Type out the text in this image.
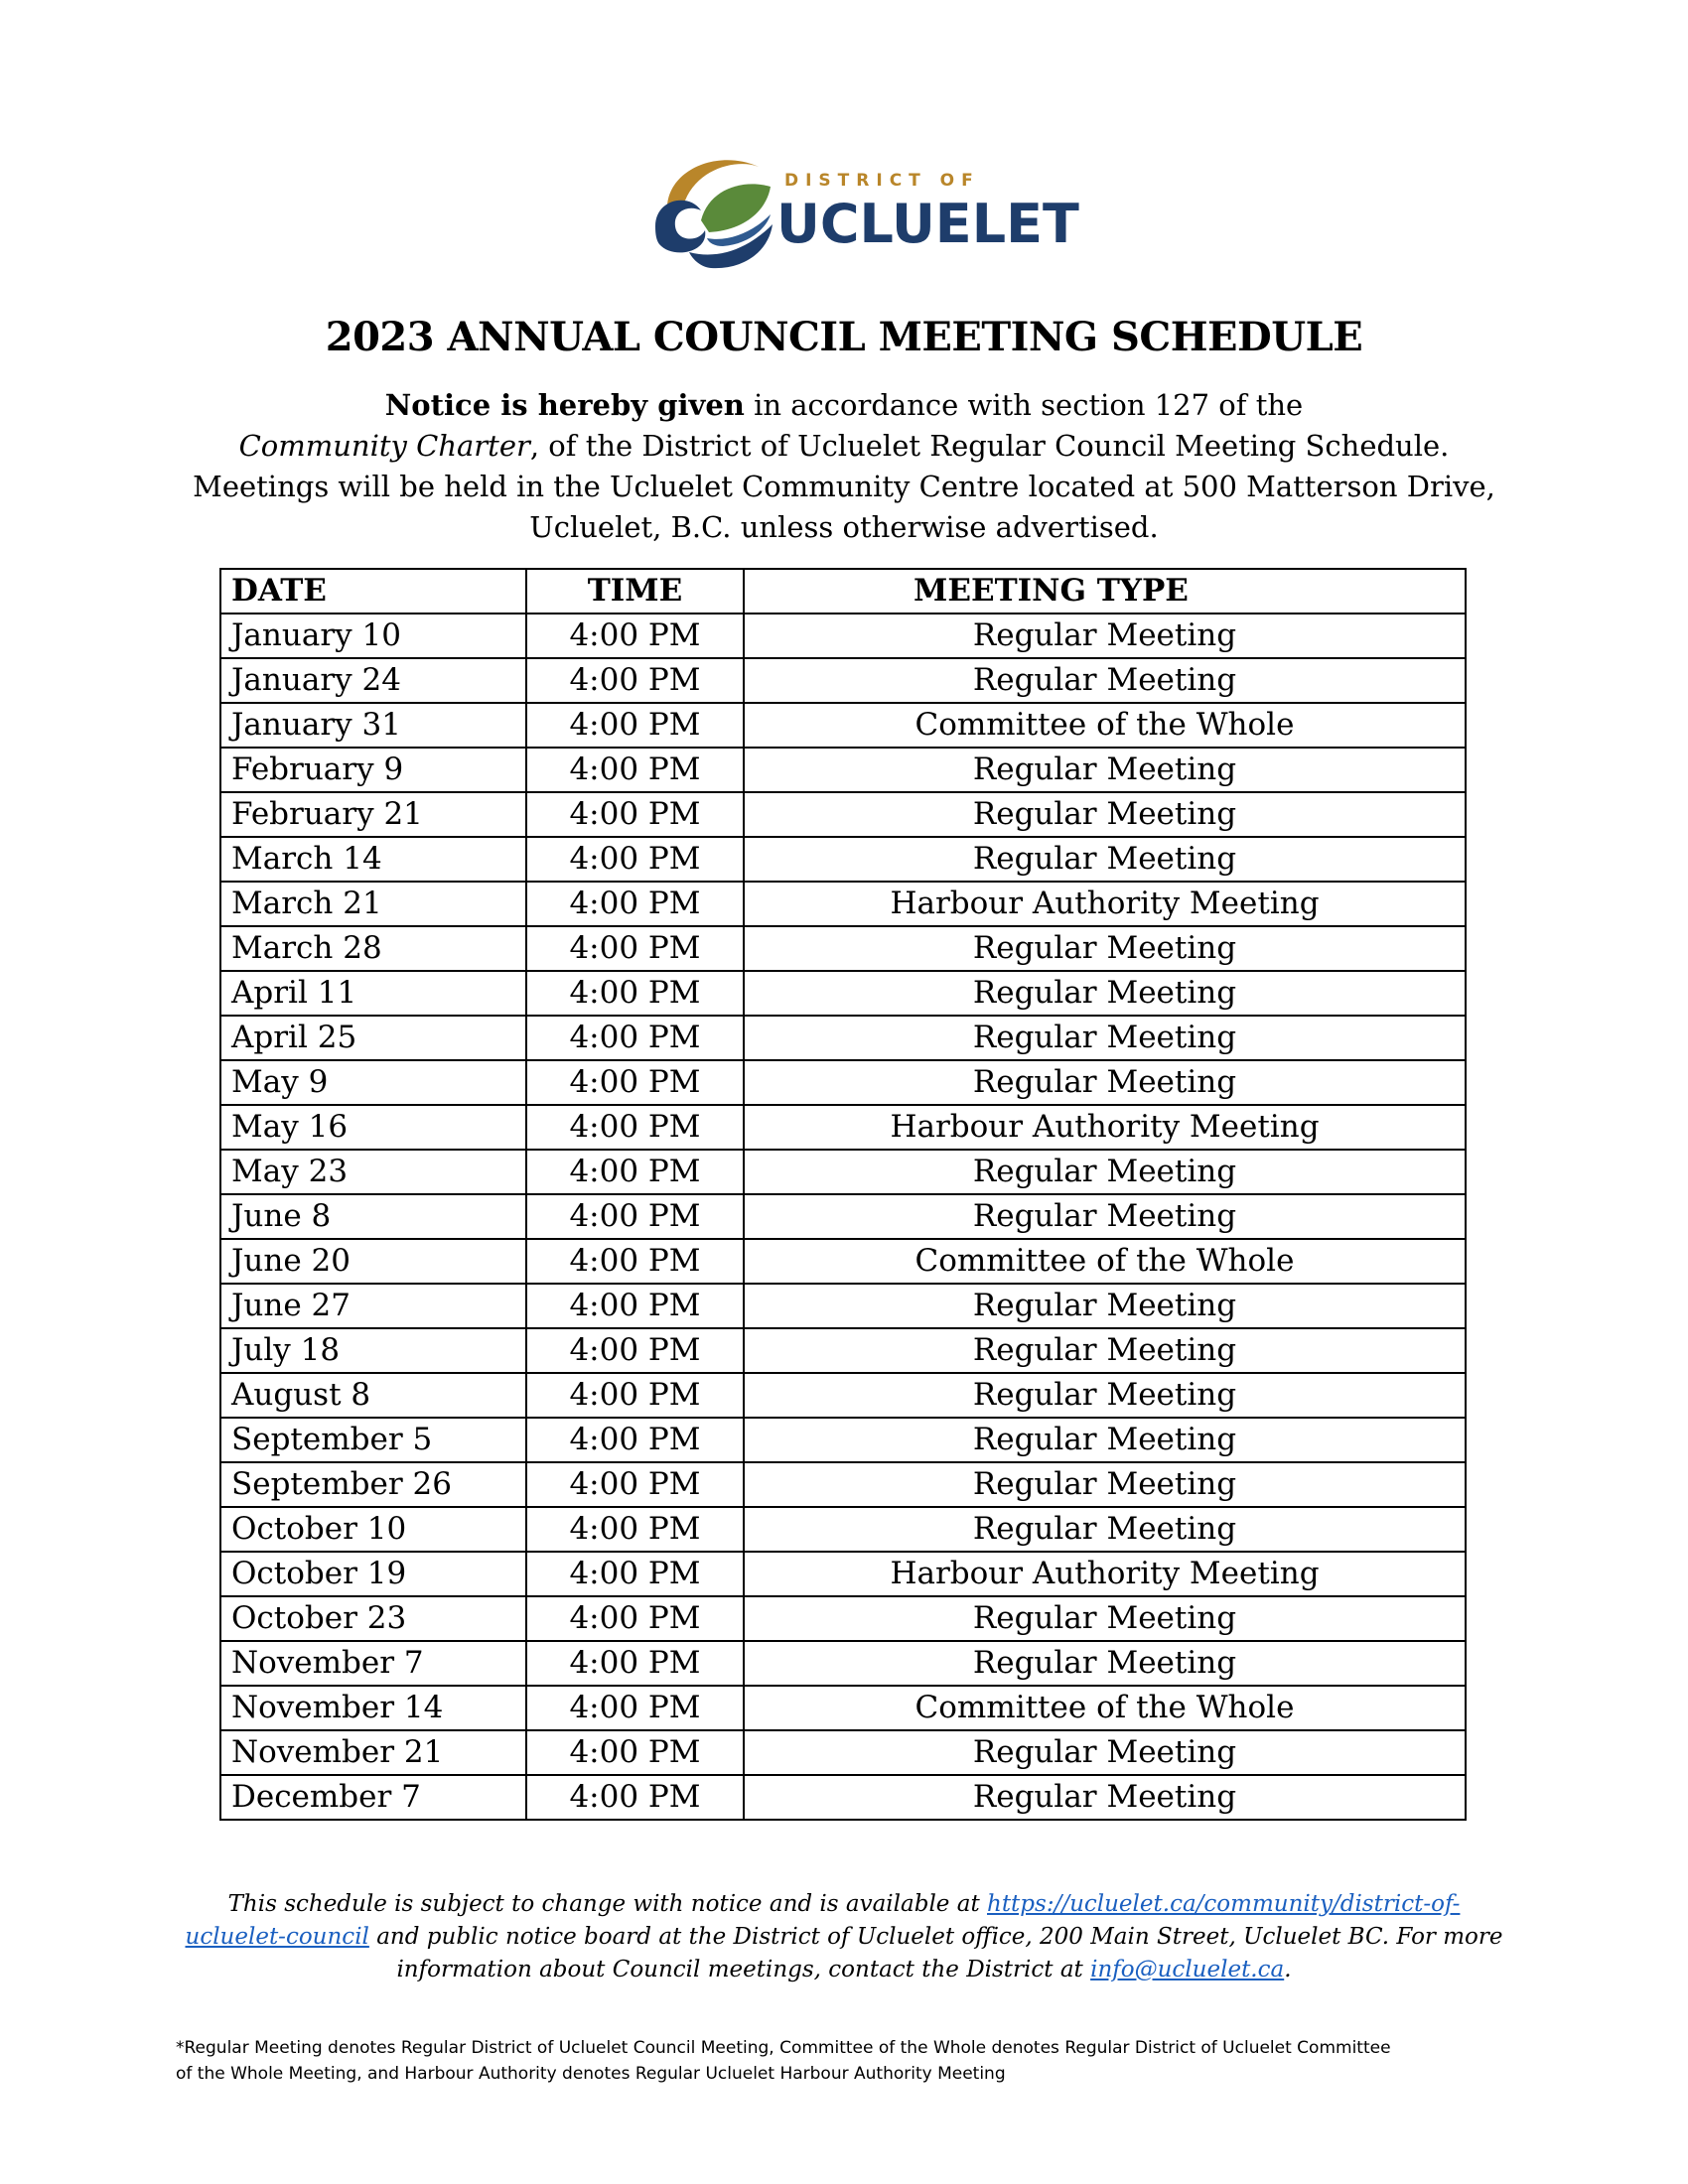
DISTRICT OF
UCLUELET
2023 ANNUAL COUNCIL MEETING SCHEDULE
Notice is hereby given in accordance with section 127 of the
Community Charter, of the District of Ucluelet Regular Council Meeting Schedule.
Meetings will be held in the Ucluelet Community Centre located at 500 Matterson Drive,
Ucluelet, B.C. unless otherwise advertised.
DATE	TIME	MEETING TYPE
January 10	4:00 PM	Regular Meeting
January 24	4:00 PM	Regular Meeting
January 31	4:00 PM	Committee of the Whole
February 9	4:00 PM	Regular Meeting
February 21	4:00 PM	Regular Meeting
March 14	4:00 PM	Regular Meeting
March 21	4:00 PM	Harbour Authority Meeting
March 28	4:00 PM	Regular Meeting
April 11	4:00 PM	Regular Meeting
April 25	4:00 PM	Regular Meeting
May 9	4:00 PM	Regular Meeting
May 16	4:00 PM	Harbour Authority Meeting
May 23	4:00 PM	Regular Meeting
June 8	4:00 PM	Regular Meeting
June 20	4:00 PM	Committee of the Whole
June 27	4:00 PM	Regular Meeting
July 18	4:00 PM	Regular Meeting
August 8	4:00 PM	Regular Meeting
September 5	4:00 PM	Regular Meeting
September 26	4:00 PM	Regular Meeting
October 10	4:00 PM	Regular Meeting
October 19	4:00 PM	Harbour Authority Meeting
October 23	4:00 PM	Regular Meeting
November 7	4:00 PM	Regular Meeting
November 14	4:00 PM	Committee of the Whole
November 21	4:00 PM	Regular Meeting
December 7	4:00 PM	Regular Meeting
This schedule is subject to change with notice and is available at https://ucluelet.ca/community/district-of-
ucluelet-council and public notice board at the District of Ucluelet office, 200 Main Street, Ucluelet BC. For more
information about Council meetings, contact the District at info@ucluelet.ca.
*Regular Meeting denotes Regular District of Ucluelet Council Meeting, Committee of the Whole denotes Regular District of Ucluelet Committee
of the Whole Meeting, and Harbour Authority denotes Regular Ucluelet Harbour Authority Meeting
